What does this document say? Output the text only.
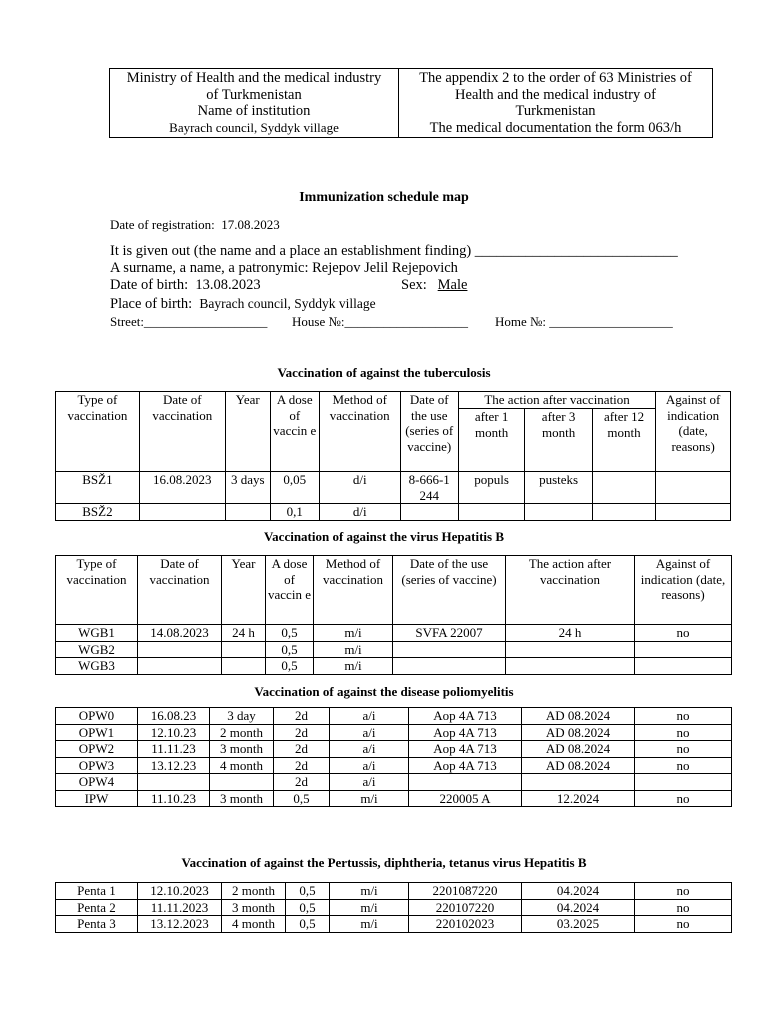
Ministry of Health and the medical industry
of Turkmenistan
Name of institution
Bayrach council, Syddyk village

The appendix 2 to the order of 63 Ministries of
Health and the medical industry of
Turkmenistan
The medical documentation the form 063/h
Immunization schedule map
Date of registration: 17.08.2023
It is given out (the name and a place an establishment finding) ____________________________
A surname, a name, a patronymic: Rejepov Jelil Rejepovich
Date of birth: 13.08.2023	Sex: Male
Place of birth: Bayrach council, Syddyk village
Street:___________________ House №:___________________ Home №: ___________________
Vaccination of against the tuberculosis
Type of vaccination	Date of vaccination	Year	A dose of vaccin e	Method of vaccination	Date of the use (series of vaccine)	The action after vaccination			Against of indication (date, reasons)
						after 1 month	after 3 month	after 12 month	
BSŽ1	16.08.2023	3 days	0,05	d/i	8-666-1 244	populs	pusteks		
BSŽ2			0,1	d/i					
Vaccination of against the virus Hepatitis B
Type of vaccination	Date of vaccination	Year	A dose of vaccin e	Method of vaccination	Date of the use (series of vaccine)	The action after vaccination	Against of indication (date, reasons)
WGB1	14.08.2023	24 h	0,5	m/i	SVFA 22007	24 h	no
WGB2			0,5	m/i			
WGB3			0,5	m/i			
Vaccination of against the disease poliomyelitis
OPW0	16.08.23	3 day	2d	a/i	Aop 4A 713	AD 08.2024	no
OPW1	12.10.23	2 month	2d	a/i	Aop 4A 713	AD 08.2024	no
OPW2	11.11.23	3 month	2d	a/i	Aop 4A 713	AD 08.2024	no
OPW3	13.12.23	4 month	2d	a/i	Aop 4A 713	AD 08.2024	no
OPW4			2d	a/i			
IPW	11.10.23	3 month	0,5	m/i	220005 A	12.2024	no
Vaccination of against the Pertussis, diphtheria, tetanus virus Hepatitis B
Penta 1	12.10.2023	2 month	0,5	m/i	2201087220	04.2024	no
Penta 2	11.11.2023	3 month	0,5	m/i	220107220	04.2024	no
Penta 3	13.12.2023	4 month	0,5	m/i	220102023	03.2025	no
